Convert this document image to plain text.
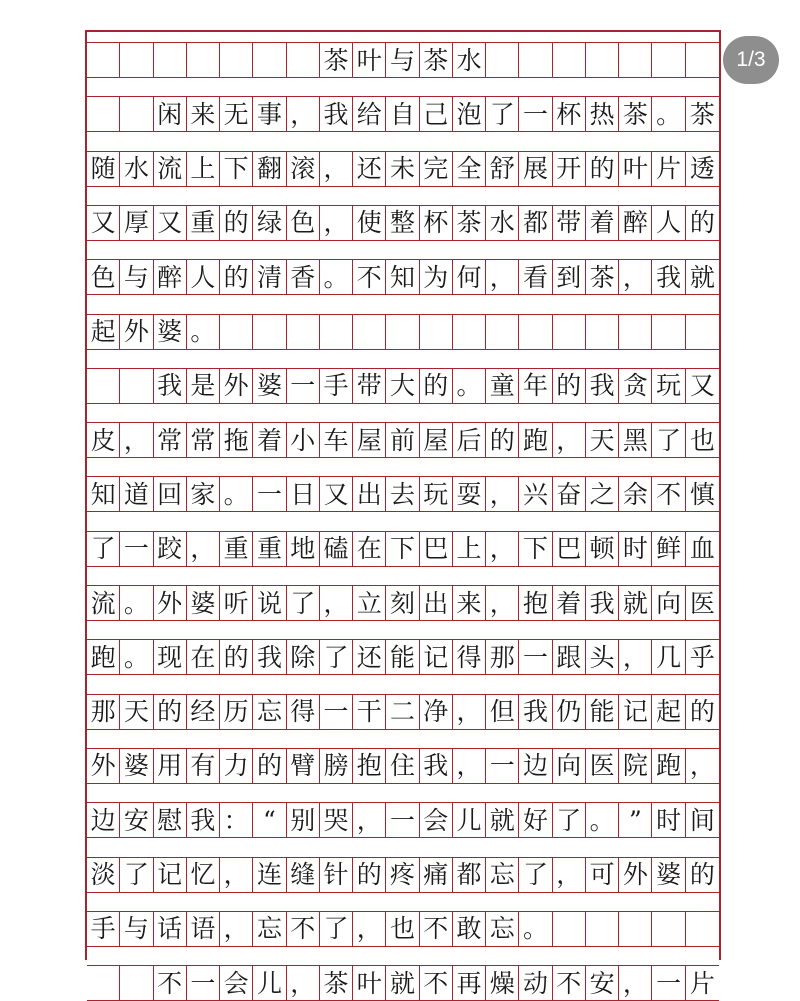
茶 叶 与 茶 水
闲 来 无 事 ， 我 给 自 己 泡 了 一 杯 热 茶 。 茶
随 水 流 上 下 翻 滚 ， 还 未 完 全 舒 展 开 的 叶 片 透
又 厚 又 重 的 绿 色 ， 使 整 杯 茶 水 都 带 着 醉 人 的
色 与 醉 人 的 清 香 。 不 知 为 何 ， 看 到 茶 ， 我 就
起 外 婆 。
我 是 外 婆 一 手 带 大 的 。 童 年 的 我 贪 玩 又
皮 ， 常 常 拖 着 小 车 屋 前 屋 后 的 跑 ， 天 黑 了 也
知 道 回 家 。 一 日 又 出 去 玩 耍 ， 兴 奋 之 余 不 慎
了 一 跤 ， 重 重 地 磕 在 下 巴 上 ， 下 巴 顿 时 鲜 血
流 。 外 婆 听 说 了 ， 立 刻 出 来 ， 抱 着 我 就 向 医
跑 。 现 在 的 我 除 了 还 能 记 得 那 一 跟 头 ， 几 乎
那 天 的 经 历 忘 得 一 干 二 净 ， 但 我 仍 能 记 起 的
外 婆 用 有 力 的 臂 膀 抱 住 我 ， 一 边 向 医 院 跑 ，
边 安 慰 我 ： “ 别 哭 ， 一 会 儿 就 好 了 。 ” 时 间
淡 了 记 忆 ， 连 缝 针 的 疼 痛 都 忘 了 ， 可 外 婆 的
手 与 话 语 ， 忘 不 了 ， 也 不 敢 忘 。
不 一 会 儿 ， 茶 叶 就 不 再 燥 动 不 安 ， 一 片
1/3
